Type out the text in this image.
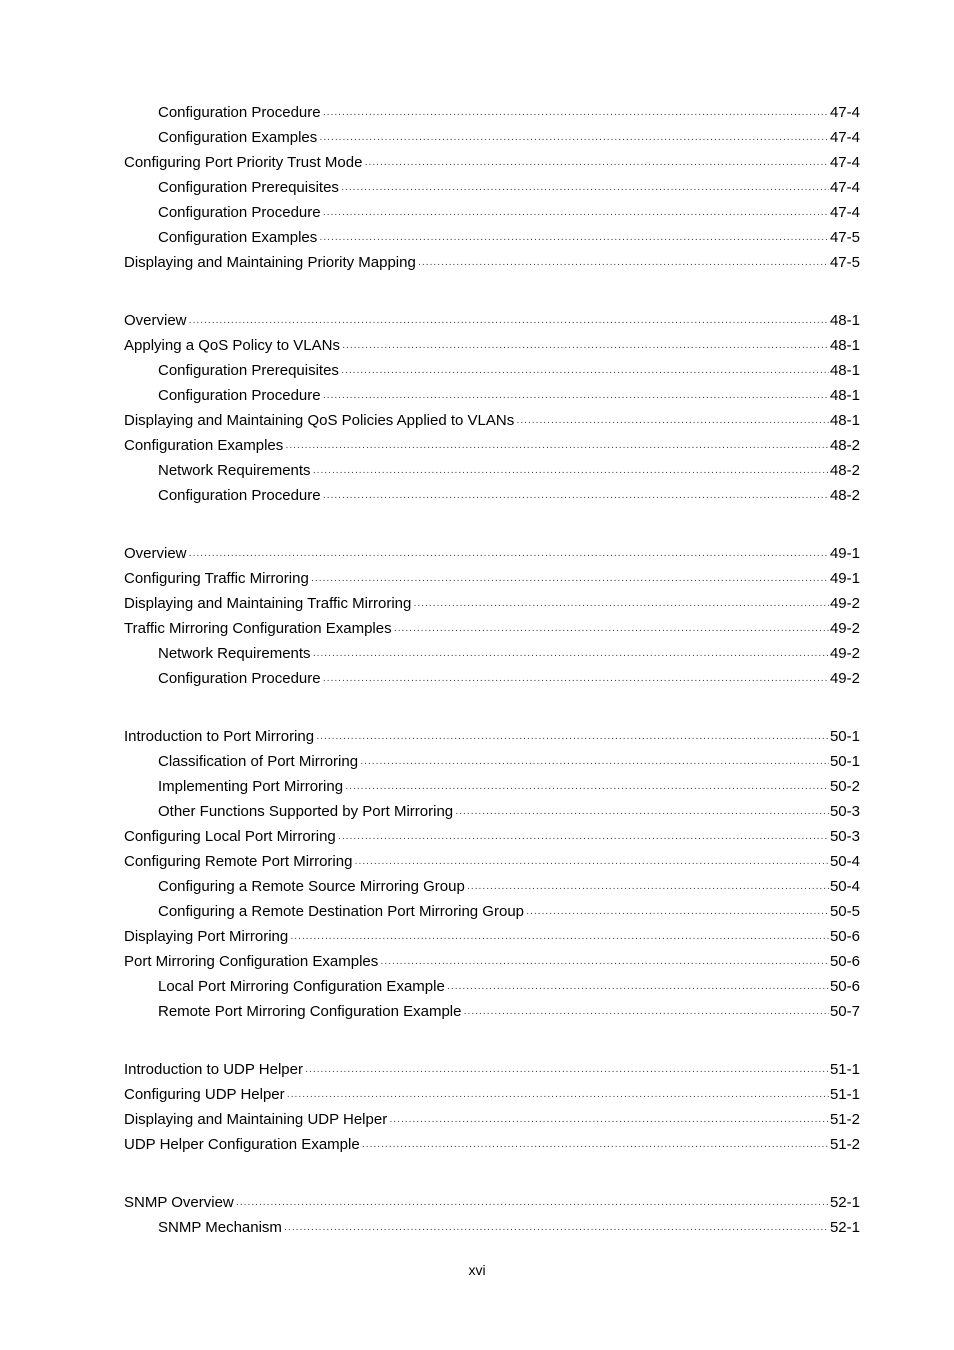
Configuration Procedure ·····	47-4
Configuration Examples ·····	47-4
Configuring Port Priority Trust Mode ·····	47-4
Configuration Prerequisites ·····	47-4
Configuration Procedure ·····	47-4
Configuration Examples ·····	47-5
Displaying and Maintaining Priority Mapping ·····	47-5
Overview ·····	48-1
Applying a QoS Policy to VLANs ·····	48-1
Configuration Prerequisites ·····	48-1
Configuration Procedure ·····	48-1
Displaying and Maintaining QoS Policies Applied to VLANs ·····	48-1
Configuration Examples ·····	48-2
Network Requirements ·····	48-2
Configuration Procedure ·····	48-2
Overview ·····	49-1
Configuring Traffic Mirroring ·····	49-1
Displaying and Maintaining Traffic Mirroring ·····	49-2
Traffic Mirroring Configuration Examples ·····	49-2
Network Requirements ·····	49-2
Configuration Procedure ·····	49-2
Introduction to Port Mirroring ·····	50-1
Classification of Port Mirroring ·····	50-1
Implementing Port Mirroring ·····	50-2
Other Functions Supported by Port Mirroring ·····	50-3
Configuring Local Port Mirroring ·····	50-3
Configuring Remote Port Mirroring ·····	50-4
Configuring a Remote Source Mirroring Group ·····	50-4
Configuring a Remote Destination Port Mirroring Group ·····	50-5
Displaying Port Mirroring ·····	50-6
Port Mirroring Configuration Examples ·····	50-6
Local Port Mirroring Configuration Example ·····	50-6
Remote Port Mirroring Configuration Example ·····	50-7
Introduction to UDP Helper ·····	51-1
Configuring UDP Helper ·····	51-1
Displaying and Maintaining UDP Helper ·····	51-2
UDP Helper Configuration Example ·····	51-2
SNMP Overview ·····	52-1
SNMP Mechanism ·····	52-1
xvi
